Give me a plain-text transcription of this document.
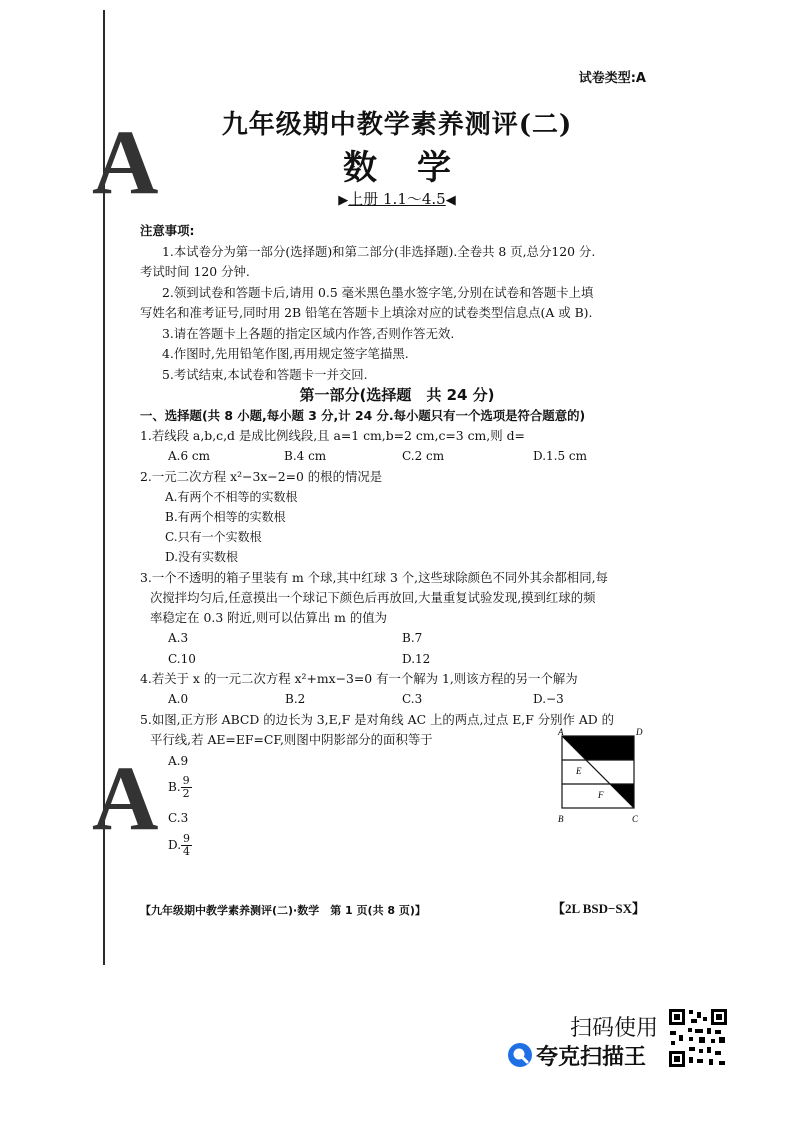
A
A
试卷类型:A
九年级期中教学素养测评(二)
数学
▶上册 1.1～4.5◀

注意事项:

1.本试卷分为第一部分(选择题)和第二部分(非选择题).全卷共 8 页,总分120 分.

考试时间 120 分钟.

2.领到试卷和答题卡后,请用 0.5 毫米黑色墨水签字笔,分别在试卷和答题卡上填

写姓名和准考证号,同时用 2B 铅笔在答题卡上填涂对应的试卷类型信息点(A 或 B).

3.请在答题卡上各题的指定区域内作答,否则作答无效.

4.作图时,先用铅笔作图,再用规定签字笔描黑.

5.考试结束,本试卷和答题卡一并交回.

第一部分(选择题　共 24 分)
一、选择题(共 8 小题,每小题 3 分,计 24 分.每小题只有一个选项是符合题意的)
1.若线段 a,b,c,d 是成比例线段,且 a=1 cm,b=2 cm,c=3 cm,则 d=
A.6 cm	B.4 cm	C.2 cm	D.1.5 cm
2.一元二次方程 x²−3x−2=0 的根的情况是
A.有两个不相等的实数根
B.有两个相等的实数根
C.只有一个实数根
D.没有实数根
3.一个不透明的箱子里装有 m 个球,其中红球 3 个,这些球除颜色不同外其余都相同,每
次搅拌均匀后,任意摸出一个球记下颜色后再放回,大量重复试验发现,摸到红球的频
率稳定在 0.3 附近,则可以估算出 m 的值为
A.3	B.7
C.10	D.12
4.若关于 x 的一元二次方程 x²+mx−3=0 有一个解为 1,则该方程的另一个解为
A.0	B.2	C.3	D.−3
5.如图,正方形 ABCD 的边长为 3,E,F 是对角线 AC 上的两点,过点 E,F 分别作 AD 的
平行线,若 AE=EF=CF,则图中阴影部分的面积等于
A.9
B. $\frac{9}{2}$
C.3
D. $\frac{9}{4}$
A	D
B	C
E
F
【九年级期中教学素养测评(二)·数学　第 1 页(共 8 页)】	【2L BSD−SX】
扫码使用
夸克扫描王
